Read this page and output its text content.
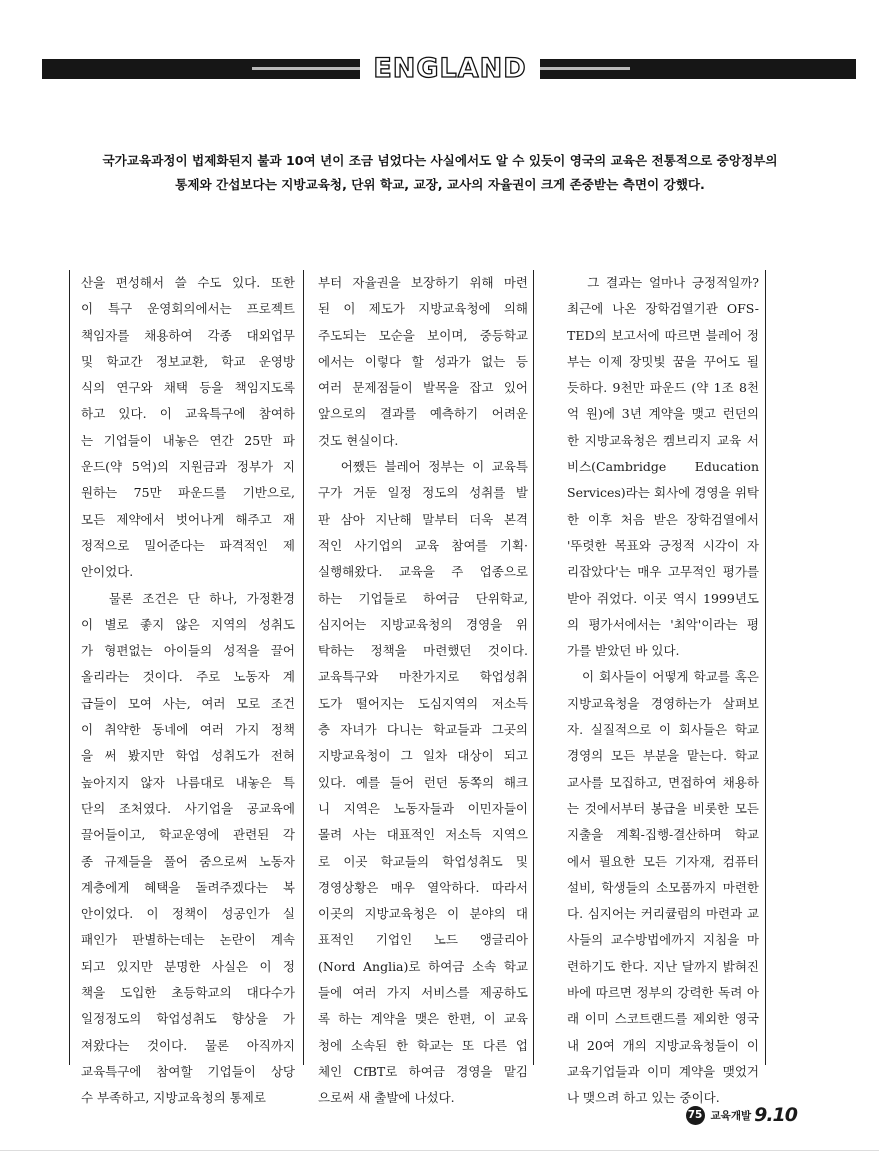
ENGLAND
국가교육과정이 법제화된지 불과 10여 년이 조금 넘었다는 사실에서도 알 수 있듯이 영국의 교육은 전통적으로 중앙정부의
통제와 간섭보다는 지방교육청, 단위 학교, 교장, 교사의 자율권이 크게 존중받는 측면이 강했다.
산을 편성해서 쓸 수도 있다. 또한
이 특구 운영회의에서는 프로젝트
책임자를 채용하여 각종 대외업무
및 학교간 정보교환, 학교 운영방
식의 연구와 채택 등을 책임지도록
하고 있다. 이 교육특구에 참여하
는 기업들이 내놓은 연간 25만 파
운드(약 5억)의 지원금과 정부가 지
원하는 75만 파운드를 기반으로,
모든 제약에서 벗어나게 해주고 재
정적으로 밀어준다는 파격적인 제
안이었다.
물론 조건은 단 하나, 가정환경
이 별로 좋지 않은 지역의 성취도
가 형편없는 아이들의 성적을 끌어
올리라는 것이다. 주로 노동자 계
급들이 모여 사는, 여러 모로 조건
이 취약한 동네에 여러 가지 정책
을 써 봤지만 학업 성취도가 전혀
높아지지 않자 나름대로 내놓은 특
단의 조처였다. 사기업을 공교육에
끌어들이고, 학교운영에 관련된 각
종 규제들을 풀어 줌으로써 노동자
계층에게 혜택을 돌려주겠다는 복
안이었다. 이 정책이 성공인가 실
패인가 판별하는데는 논란이 계속
되고 있지만 분명한 사실은 이 정
책을 도입한 초등학교의 대다수가
일정정도의 학업성취도 향상을 가
져왔다는 것이다. 물론 아직까지
교육특구에 참여할 기업들이 상당
수 부족하고, 지방교육청의 통제로
부터 자율권을 보장하기 위해 마련
된 이 제도가 지방교육청에 의해
주도되는 모순을 보이며, 중등학교
에서는 이렇다 할 성과가 없는 등
여러 문제점들이 발목을 잡고 있어
앞으로의 결과를 예측하기 어려운
것도 현실이다.
어쨌든 블레어 정부는 이 교육특
구가 거둔 일정 정도의 성취를 발
판 삼아 지난해 말부터 더욱 본격
적인 사기업의 교육 참여를 기획·
실행해왔다. 교육을 주 업종으로
하는 기업들로 하여금 단위학교,
심지어는 지방교육청의 경영을 위
탁하는 정책을 마련했던 것이다.
교육특구와 마찬가지로 학업성취
도가 떨어지는 도심지역의 저소득
층 자녀가 다니는 학교들과 그곳의
지방교육청이 그 일차 대상이 되고
있다. 예를 들어 런던 동쪽의 해크
니 지역은 노동자들과 이민자들이
몰려 사는 대표적인 저소득 지역으
로 이곳 학교들의 학업성취도 및
경영상황은 매우 열악하다. 따라서
이곳의 지방교육청은 이 분야의 대
표적인 기업인 노드 앵글리아
(Nord Anglia)로 하여금 소속 학교
들에 여러 가지 서비스를 제공하도
록 하는 계약을 맺은 한편, 이 교육
청에 소속된 한 학교는 또 다른 업
체인 CfBT로 하여금 경영을 맡김
으로써 새 출발에 나섰다.
그 결과는 얼마나 긍정적일까?
최근에 나온 장학검열기관 OFS-
TED의 보고서에 따르면 블레어 정
부는 이제 장밋빛 꿈을 꾸어도 될
듯하다. 9천만 파운드 (약 1조 8천
억 원)에 3년 계약을 맺고 런던의
한 지방교육청은 켐브리지 교육 서
비스(Cambridge Education
Services)라는 회사에 경영을 위탁
한 이후 처음 받은 장학검열에서
'뚜렷한 목표와 긍정적 시각이 자
리잡았다'는 매우 고무적인 평가를
받아 쥐었다. 이곳 역시 1999년도
의 평가서에서는 '최악'이라는 평
가를 받았던 바 있다.
이 회사들이 어떻게 학교를 혹은
지방교육청을 경영하는가 살펴보
자. 실질적으로 이 회사들은 학교
경영의 모든 부분을 맡는다. 학교
교사를 모집하고, 면접하여 채용하
는 것에서부터 봉급을 비롯한 모든
지출을 계획-집행-결산하며 학교
에서 필요한 모든 기자재, 컴퓨터
설비, 학생들의 소모품까지 마련한
다. 심지어는 커리큘럼의 마련과 교
사들의 교수방법에까지 지침을 마
련하기도 한다. 지난 달까지 밝혀진
바에 따르면 정부의 강력한 독려 아
래 이미 스코트랜드를 제외한 영국
내 20여 개의 지방교육청들이 이
교육기업들과 이미 계약을 맺었거
나 맺으려 하고 있는 중이다.
75 교육개발 9.10
